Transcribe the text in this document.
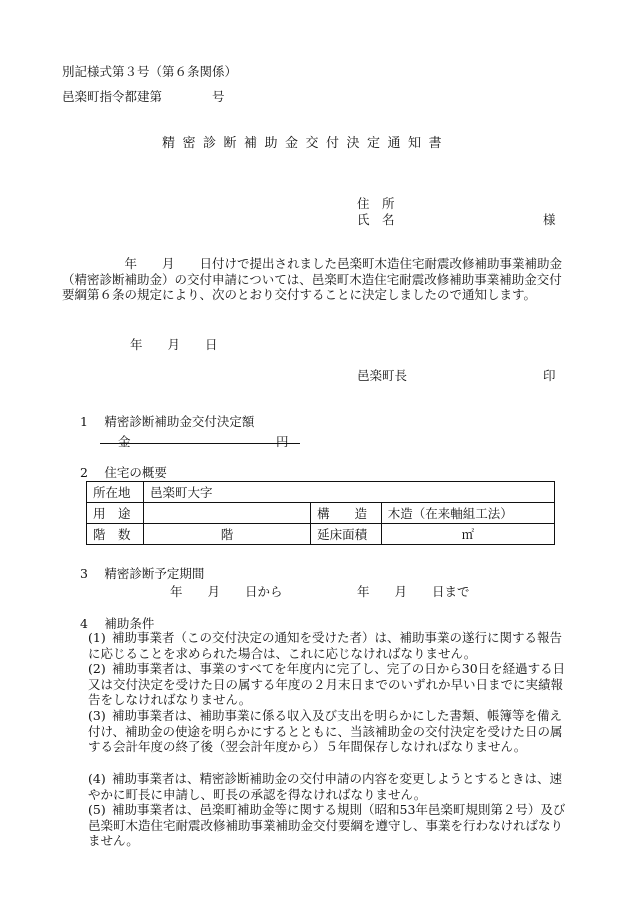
別記様式第３号（第６条関係）
邑楽町指令都建第　　　　号
精密診断補助金交付決定通知書
住　所
氏　名	様
　　　　　年　　月　　日付けで提出されました邑楽町木造住宅耐震改修補助事業補助金（精密診断補助金）の交付申請については、邑楽町木造住宅耐震改修補助事業補助金交付要綱第６条の規定により、次のとおり交付することに決定しましたので通知します。
年　　月　　日
邑楽町長	印
1　 精密診断補助金交付決定額
金	円
2　 住宅の概要
所在地	邑楽町大字		
用　途		構　　造	木造（在来軸組工法）
階　数	階	延床面積	㎡
3　 精密診断予定期間
年　　月　　日から	年　　月　　日まで
4　 補助条件
(1) 補助事業者（この交付決定の通知を受けた者）は、補助事業の遂行に関する報告に応じることを求められた場合は、これに応じなければなりません。
(2) 補助事業者は、事業のすべてを年度内に完了し、完了の日から30日を経過する日又は交付決定を受けた日の属する年度の２月末日までのいずれか早い日までに実績報告をしなければなりません。
(3) 補助事業者は、補助事業に係る収入及び支出を明らかにした書類、帳簿等を備え付け、補助金の使途を明らかにするとともに、当該補助金の交付決定を受けた日の属する会計年度の終了後（翌会計年度から）５年間保存しなければなりません。
(4) 補助事業者は、精密診断補助金の交付申請の内容を変更しようとするときは、速やかに町長に申請し、町長の承認を得なければなりません。
(5) 補助事業者は、邑楽町補助金等に関する規則（昭和53年邑楽町規則第２号）及び邑楽町木造住宅耐震改修補助事業補助金交付要綱を遵守し、事業を行わなければなりません。
